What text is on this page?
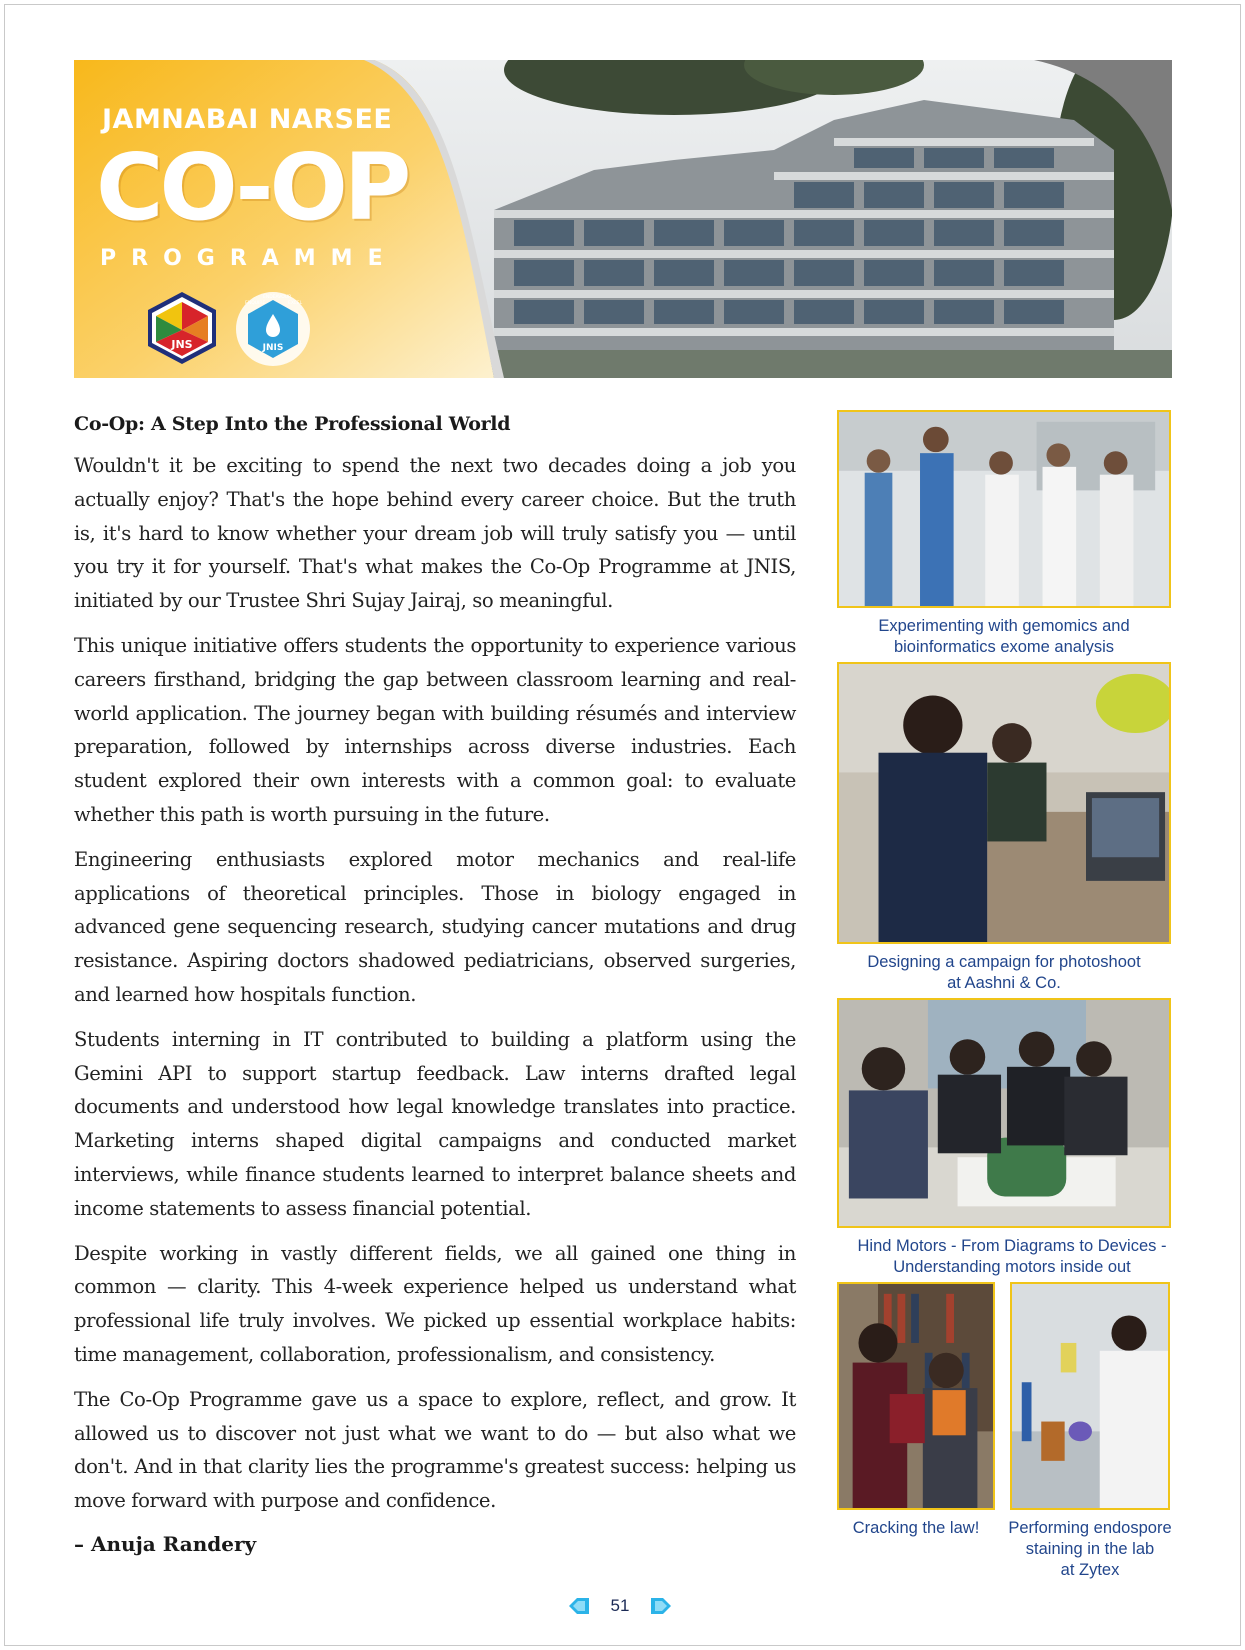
JAMNABAI NARSEE
CO-OP
PROGRAMME
JNS	JNIS
ENQUIRE
ENDEAVOUR
EXCEL
Co-Op: A Step Into the Professional World

Wouldn't it be exciting to spend the next two decades doing a job you actually enjoy? That's the hope behind every career choice. But the truth is, it's hard to know whether your dream job will truly satisfy you — until you try it for yourself. That's what makes the Co-Op Programme at JNIS, initiated by our Trustee Shri Sujay Jairaj, so meaningful.

This unique initiative offers students the opportunity to experience various careers firsthand, bridging the gap between classroom learning and real-world application. The journey began with building résumés and interview preparation, followed by internships across diverse industries. Each student explored their own interests with a common goal: to evaluate whether this path is worth pursuing in the future.

Engineering enthusiasts explored motor mechanics and real-life applications of theoretical principles. Those in biology engaged in advanced gene sequencing research, studying cancer mutations and drug resistance. Aspiring doctors shadowed pediatricians, observed surgeries, and learned how hospitals function.

Students interning in IT contributed to building a platform using the Gemini API to support startup feedback. Law interns drafted legal documents and understood how legal knowledge translates into practice. Marketing interns shaped digital campaigns and conducted market interviews, while finance students learned to interpret balance sheets and income statements to assess financial potential.

Despite working in vastly different fields, we all gained one thing in common — clarity. This 4-week experience helped us understand what professional life truly involves. We picked up essential workplace habits: time management, collaboration, professionalism, and consistency.

The Co-Op Programme gave us a space to explore, reflect, and grow. It allowed us to discover not just what we want to do — but also what we don't. And in that clarity lies the programme's greatest success: helping us move forward with purpose and confidence.

– Anuja Randery
Experimenting with gemomics and
bioinformatics exome analysis
Designing a campaign for photoshoot
at Aashni & Co.
Hind Motors - From Diagrams to Devices -
Understanding motors inside out
Cracking the law!	Performing endospore
staining in the lab
at Zytex
51
